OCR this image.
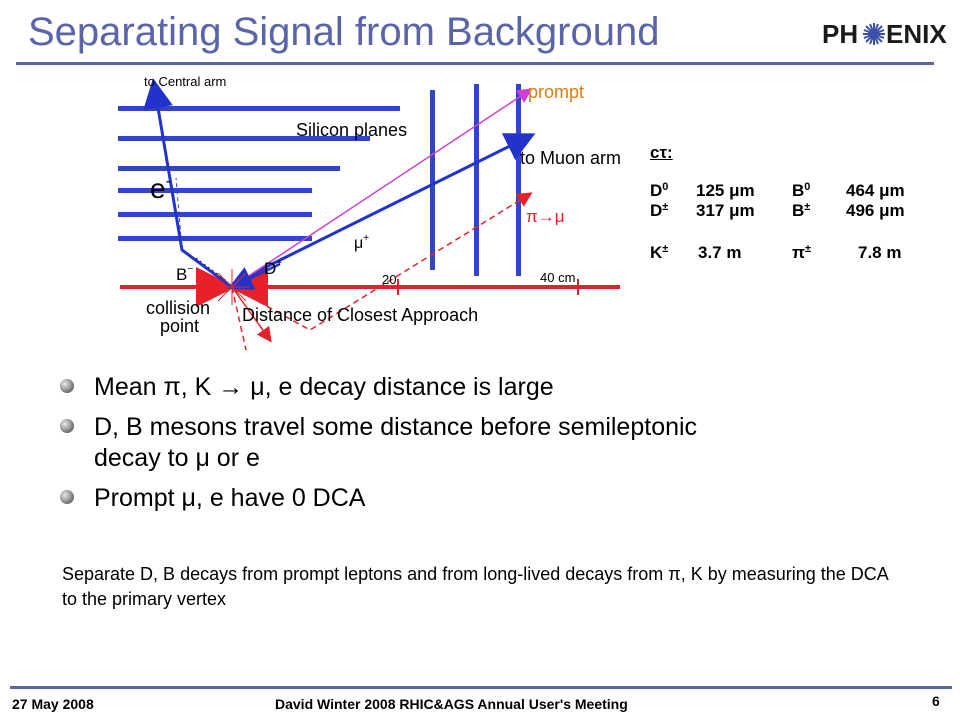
Separating Signal from Background	PH ENIX
to Central arm
Silicon planes
prompt
to Muon arm
e-
π→μ
μ+
B−	D+
20	40 cm
collision
point
Distance of Closest Approach
cτ:
$D^0$ 125 μm $B^0$ 464 μm
D± 317 μm B± 496 μm
K± 3.7 m	π±	7.8 m
Mean π, K → μ, e decay distance is large
D, B mesons travel some distance before semileptonic decay to μ or e
Prompt μ, e have 0 DCA
Separate D, B decays from prompt leptons and from long-lived decays from π, K by measuring the DCA to the primary vertex
27 May 2008	David Winter 2008 RHIC&AGS Annual User's Meeting	6
